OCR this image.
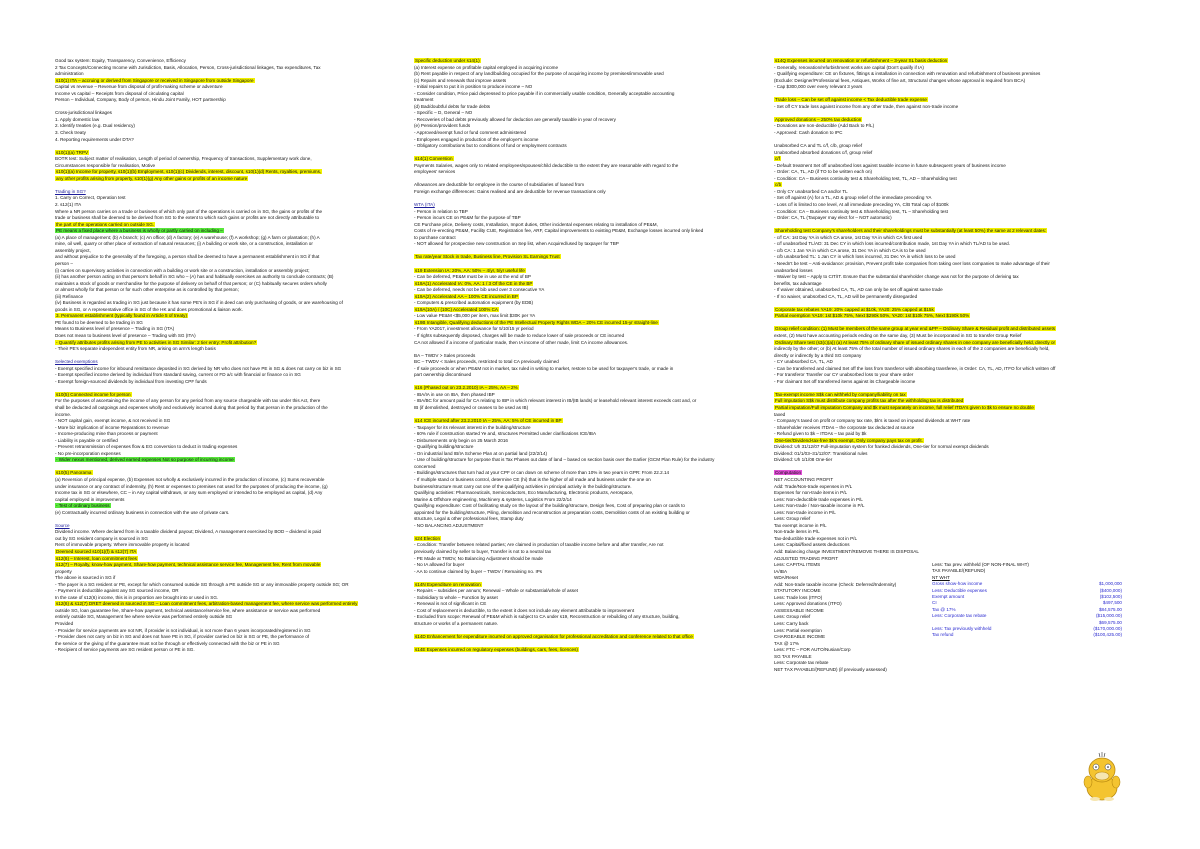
Good tax system: Equity, Transparency, Convenience, Efficiency
2 Tax Concepts/Connecting Income with Jurisdiction, Basis, Allocation, Person, Cross-jurisdictional linkages, Tax expenditures, Tax
administration
s10(1) ITA – accruing or derived from Singapore or received in Singapore from outside Singapore
Capital vs revenue – Revenue from disposal of profit-making scheme or adventure
Income vs capital – Receipts from disposal of circulating capital
Person – Individual, Company, Body of person, Hindu Joint Family, HOT partnership
Cross-jurisdictional linkages
1. Apply domestic law
2. Identify treaties (e.g. Dual residency)
3. Check treaty
4. Reporting requirements under DTA?
s10(1)(a) TRPV
BOTR test: Subject matter of realisation, Length of period of ownership, Frequency of transactions, Supplementary work done,
Circumstances responsible for realisation, Motive
s10(1)(a) Income for property, s10(1)(b) Employment, s10(1)(c) Dividends, interest, discount, s10(1)(d) Rents, royalties, premiums,
any other profits arising from property, s10(1)(g) Any other gains or profits of an income nature
Trading in SG?
1. Carry on Correct, Operation test
2. s12(1) ITA
Where a NR person carries on a trade or business of which only part of the operations is carried on in SG, the gains or profits of the
trade or business shall be deemed to be derived from SG to the extent to which such gains or profits are not directly attributable to
the part of the operations carried on outside SG.
PE means a fixed place where a business is wholly or partly carried on including –
(a) A place of management; (b) A branch; (c) An office; (d) A factory; (e) A warehouse; (f) A workshop; (g) A farm or plantation; (h) A
mine, oil well, quarry or other place of extraction of natural resources; (i) A building or work site, or a construction, installation or
assembly project,
and without prejudice to the generality of the foregoing, a person shall be deemed to have a permanent establishment in SG if that
person –
(i) carries on supervisory activities in connection with a building or work site or a construction, installation or assembly project;
(ii) has another person acting on that person's behalf in SG who – (A) has and habitually exercises an authority to conclude contracts; (B)
maintains a stock of goods or merchandise for the purpose of delivery on behalf of that person; or (C) habitually secures orders wholly
or almost wholly for that person or for such other enterprise as is controlled by that person;
(iii) Refinance
(iv) Business is regarded as trading in SG just because it has some PE's in SG if in deed can only purchasing of goods, or are warehousing of
goods in SG, or A representative office in SG of the HK and does promotional & liaison work.
3. Permanent establishment (typically found in Article 5 of treaty)
PE found to be deemed to be trading in SG
Means to Business level of presence – Trading in SG (ITA)
Does not mean to business level of presence – Trading with SG (ITA)
- Quantify attributes profits arising from PE to activities in SG Similar: 2 tier entry: Profit attribution?
- Their PE's separate independent entity from NR, arising on arm's length basis
Selected exemptions
- Exempt specified income for inbound remittance deposited in SG derived by NR who does not have PE in SG & does not carry on biz in SG
- Exempt specified income derived by individual from standard saving, current or FD a/c with financial or finance co in SG
- Exempt foreign-sourced dividends by individual from investing CPF funds
s10(5) Connected income for person
For the purposes of ascertaining the income of any person for any period from any source chargeable with tax under this Act, there
shall be deducted all outgoings and expenses wholly and exclusively incurred during that period by that person in the production of the
income.
- NOT capital gain, exempt income, & not received in SG
- More biz implication of income Reparations to revenue
- Income-producing mine than process or payment
- Liability is payable or certified
- Prevent retransmission of expenses flow & EG conversion to deduct in trading expenses
- No pre-incorporation expenses
- Wider nexus mentioned, derived earned expenses Not so purpose of incurring income
s10(5) Panorama
(a) Reversion of principal expense, (b) Expenses not wholly & exclusively incurred in the production of income, (c) Sums recoverable
under insurance or any contract of indemnity, (h) Rent or expenses to premises not used for the purposes of producing the income, (g)
Income tax in SG or elsewhere, CC – in Any capital withdrawn, or any sum employed or intended to be employed as capital, (d) Any
capital employed in improvements
- Test of ordinary business
(e) Contractually incurred ordinary business in connection with the use of private cars.
Source
Dividend income. Where declared from is a taxable dividend payout; Dividend, A management exercised by BOD – dividend is paid
out by SG resident company is sourced in SG
Rent of immovable property. Where immovable property is located
Deemed sourced s10(1)(f) & s12(7) ITA
s12(6) – Interest, loan commitment fees
s12(7) – Royalty, know-how payment, Share-how payment, technical assistance service fee, Management fee, Rent from movable
property
The above is sourced in SG if
- The payer is a SG resident or PE, except for which consumed outside SG through a PE outside SG or any immovable property outside SG; OR
- Payment is deductible against any SG sourced income, OR
In the case of s12(6) income, this is in proportion are brought into or used in SG.
s12(6) & s12(7) DRET deemed in sourced in SG – Loan commitment fees, arbitration-based management fee, where service was performed entirely
outside SG, loan guarantee fee, Share-how payment, technical assistance/service fee, where assistance or service was performed
entirely outside SG, Management fee where service was performed entirely outside SG
Provided
- Provider for service payments are not NR, if provider is not individual, is not more than 6 years incorporated/registered in SG
- Provider does not carry on biz in SG and does not have PE in SG, if provider carried on biz in SG or PE, the performance of
the service or the giving of the guarantee must not be through or effectively connected with the biz or PE in SG
- Recipient of service payments are SG resident person or PE in SG.
Specific deduction under s14(1)
(a) Interest expense on profitable capital employed in acquiring income
(b) Rent payable in respect of any land/building occupied for the purpose of acquiring income by premises/immovable used
(c) Repairs and renewals that improve assets
- Initial repairs to put it in position to produce income – NO
- Consider condition, Price paid depressed to price payable if in commercially usable condition, Generally acceptable accounting
treatment
(d) Bad/doubtful debts for trade debts
- Specific – D, General – NO
- Recoveries of bad debts previously allowed for deduction are generally taxable in year of recovery
(e) Pension/provident funds
- Approved/exempt fund or fund comment administered
- Employees engaged in production of the employer's income
- Obligatory contributions but to conditions of fund or employment contracts
s14(1) Conversion
Payments Salaries, wages only to related employees/spouses/child deductible to the extent they are reasonable with regard to the
employees' services
Allowances are deductible for employee in the course of subsidiaries of loaned from
Foreign exchange differences: Gains realised and are deductible for revenue transactions only
WTA (ITA)
- Person in relation to TBP
- Person incurs CE on PE&M for the purpose of TBP
CE Purchase price, Delivery costs, Installation, Import duties, Other incidental expenses relating to installation of PE&M,
Costs of re-erecting PE&M, Facility CUE, Registration fee, ARF, Capital improvements to existing PE&M, Exchange losses incurred only linked
to purchase contract
- NOT allowed for prospective new construction on Sep list, when Acquired/used by taxpayer for TBP
Tax rate/year Stock in trade, Business line, Provision SL Earnings Trust
s19 Extension IA: 20%, AA: 50% – 4/yr, 5/yr useful life
- Can be deferred, PE&M must be in use at the end of BP
s19A(1) Accelerated IA: 0%, AA: 1 / 3 Of the CE in the BP
- Can be deferred, needs not be bib used over 3 consecutive YA
s19A(2) Accelerated AA – 100% CE incurred in BP
- Computers & prescribed automation equipment (by EDB)
s19A(10A) / (10C) Accelerated 100% CA
- Low value PE&M <$5,000 per item, max limit $30K per YA
s19B Intangible, Qualifying deductions of the PE Intellectual Property Rights WDA – 20% CE incurred 15-yr straight-line
- From YA2017, investment allowance for 5/10/15 yr period
- If rights subsequently disposed, charges will be made to reduce lower of sale proceeds or CE incurred
CA not allowed if a income of particular made, then IA income of other made, limit CA income allowances.
BA – TWDV > Sales proceeds
BC – TWDV < Sales proceeds, restricted to total CA previously claimed
- If sale proceeds or when PE&M not in market, tax ruled in writing to market, restore to be used for taxpayer's trade, or made in
part ownership discontinued
s16 (Phased out on 23.2.2010) IA – 25%, AA – 2%
- IBA/IA in use on IBA, then phased IBP
- IBA/BC for amount paid for CA relating to IBP in which relevant interest in IB/(IB lands) or leasehold relevant interest exceeds cost and, or
IB (if demolished, destroyed or ceases to be used as IB)
s14 ICE incurred after 23.2.2010 IA – 25%, AA: 5% of CE incurred in BP
- Taxpayer for its relevant interest in the building/structure
- 60% rule if construction started Ye and, structures Permitted under clarifications ICE/IBA
- Disbursements only begin on 25 March 2016
- Qualifying building/structure
- On industrial land IB/IA Scheme Plan at on partial land (22/2/14)
- Use of building/structure for purpose that is Tax Phases out date of land – based on section basis over the Earlier (GCM Plan Rule) for the industry
concerned
- Buildings/structures that turn had at your CPF or can down on scheme of more than 10% in two years in GPR: From 22.2.14
- If multiple stand or business control, determine CE (hi) that is the higher of all made and business under the one on
business/structure must carry out one of the qualifying activities in principal activity in the building/structure.
Qualifying activities: Pharmaceuticals, Semiconductors, Eco Manufacturing, Electronic products, Aerospace,
Marine & Offshore engineering, Machinery & systems, Logistics From 22/2/14
Qualifying expenditure: Cost of facilitating study on the layout of the building/structure, Design fees, Cost of preparing plan or cards to
appointed for the building/structure, Piling, demolition and reconstruction at preparation costs, Demolition costs of an existing building or
structure, Legal & other professional fees, Stamp duty
- NO BALANCING ADJUSTMENT
s24 Election
- Condition: Transfer between related parties; Are claimed in production of taxable income before and after transfer, Are not
previously claimed by seller to buyer, Transfer is not to a neutral tax
- PE Made at TWDV, No Balancing Adjustment should be made
- No IA allowed for buyer
- AA to continue claimed by buyer – TWDV / Remaining no. IPs
s14N Expenditure on renovation
- Repairs – subsidies per annum; Renewal – Whole or substantial/whole of asset
- Subsidiary to whole – Function by asset
- Renewal is not of significant in CE
- Cost of replacement is deductible, to the extent it does not include any element attributable to improvement
- Excluded from scope: Renewal of PE&M which is subject to CA under s19, Reconstruction or rebuilding of any structure, building,
structure or works of a permanent nature.
s14D Enhancement for expenditure incurred on approved organisation for professional accreditation and conference related to that office
s14E Expenses incurred on regulatory expenses (buildings, cars, fees, licences)
s14Q Expenses incurred on renovation or refurbishment – 3-year SL basis deduction
- Generally, renovation/refurbishment works are capital (Don't qualify if IA)
- Qualifying expenditure: CE on fixtures, fittings & installation in connection with renovation and refurbishment of business premises
(Exclude: Designer/Professional fees, Antiques, Works of fine art, Structural changes whose approval is required from BCA)
- Cap $300,000 over every relevant 3 years
Trade loss – Can be set off against income < Tax deductible trade expense
- Set off CY trade loss against income from any other trade, then against non-trade income
Approved donations – 250% tax deduction
- Donations are non-deductible (Add Back to P/L)
- Approved: Cash donation to IPC
Unabsorbed CA and TL c/f, c/b, group relief
Unabsorbed absorbed donations c/f, group relief
c/f
- Default treatment Set off unabsorbed loss against taxable income in future subsequent years of business income
- Order: CA, TL, AD (if TO to be written each on)
- Condition: CA – Business continuity test & Shareholding test, TL, AD – Shareholding test
c/b
- Only CY unabsorbed CA and/or TL
- Set off against (A) for a TL, AD & group relief of the immediate preceding YA
- Loss c/f is limited to one level, At all immediate preceding YA, C/B Total cap of $100k
- Condition: CA – Business continuity test & Shareholding test, TL – Shareholding test
- Order: CA, TL (Taxpayer may elect for – NOT automatic)
Shareholding test Company's shareholders and their shareholdings must be substantially (at least 50%) the same at 2 relevant dates:
- c/f CA: 1st Day YA in which CA arose, 1st Day YA in which CA first used
- c/f unabsorbed TL/AD: 31 Dec CY in which loss incurred/contribution made, 1st Day YA in which TL/AD to be used.
- c/b CA: 1 Jan YA in which CA arose, 31 Dec YA in which CA is to be used
- c/b unabsorbed TL: 1 Jan CY in which loss incurred, 31 Dec YA in which loss to be used
- Needn't be test – Anti-avoidance: provision, Prevent profit take companies from taking over loss companies to make advantage of their
unabsorbed losses
- Waiver by test – Apply to CIT/IT. Ensure that the substantial shareholder change was not for the purpose of deriving tax
benefits, tax advantage
- If waiver obtained, unabsorbed CA, TL, AD can only be set off against same trade
- If no waiver, unabsorbed CA, TL, AD will be permanently disregarded
Corporate tax rebates YA19: 20% capped at $10k, YA20: 25% capped at $15k
Partial exemption YA19: 1st $10k 75%, Next $290k 50%, YA20: 1st $10k 75%, Next $190k 50%
Group relief condition: (1) Must be members of the same group at year end &PP – Ordinary Share & Residual profit and distributed assets
extent, (2) Must have accounting periods ending on the same day, (3) Must be incorporated in SG to transfer Group Relief
Ordinary Share test (s3(c)(a)) (a) At least 75% of ordinary share of issued ordinary shares in one company are beneficially held, directly or
indirectly by the other; or (b) At least 75% of the total number of issued ordinary shares in each of the 2 companies are beneficially held,
directly or indirectly by a third SG company
- CY unabsorbed CA, TL, AD
- Can be transferred and claimed Set off the loss from transferor with absorbing transferee, in Order: CA, TL, AD, ITFO for which written off
- For transferor Transfer our CY unabsorbed loss to your share order
- For claimant Set off transferred items against its Chargeable income
Tax-exempt income S$k can withheld by company/liability on tax
Full imputation S$k must distribute company profits tax after the withholding tax is distributed
Partial imputation/Full imputation Company and $k must separately on income, full relief ITDA's given to $k to ensure no double
taxed
- Company's taxed on profit or company tax rate, $k's is taxed on imputed dividends at WHT rate
- Shareholder receives ITDAs – the corporate tax deducted at source
- Refund given to $k – ITDAs – tax paid by $k
One-tier/Dividend-tax-free $k's exempt, Only company pays tax on profit.
Dividend: Uh 31/12/07 Full-imputation system for franked dividends, One-tier for normal exempt dividends
Dividend: 01/1/03–31/12/07: Transitional rules
Dividend: Uh 1/1/08 One-tier
Computation
NET ACCOUNTING PROFIT
Add: Trade/Non-trade expenses in P/L
Expenses for non-trade items in P/L
Less: Non-deductible trade expenses in P/L
Less: Non-trade / Non-taxable income in P/L
Less: Non-trade income in P/L
Less: Group relief
Tax exempt income in P/L
Non-trade items in P/L
Tax-deductible trade expenses not in P/L
Less: Capital/fixed assets deductions
Add: Balancing charge INVESTMENT/REMOVE THERE IS DISPOSAL
ADJUSTED TRADING PROFIT
Less: CAPITAL ITEMS
IA/IBA
WDA/Reset
Add: Non-trade taxable income (Check: Deferred/Indemnity)
STATUTORY INCOME
Less: Trade loss (ITFO)
Less: Approved donations (ITFO)
ASSESSABLE INCOME
Less: Group relief
Less: Carry back
Less: Partial exemption
CHARGEABLE INCOME
TAX @ 17%
Less: FTC – FOR AUTO/Nusian/Corp
SG TAX PAYABLE
Less: Corporate tax rebate
NET TAX PAYABLE/(REFUND) (if previously assessed)
Less: Tax prev. withheld (OF NON-FINAL WHT)
TAX PAYABLE/(REFUND)
NT WHT
Gross show-how income	$1,000,000
Less: Deductible expenses	($400,000)
Exempt amount	($102,500)
CI	$497,500
Tax @ 17%	$84,575.00
Less: Corporate tax rebate	($15,000.00)
$69,575.00
Less: Tax previously withheld	($170,000.00)
Tax refund	($100,425.00)
